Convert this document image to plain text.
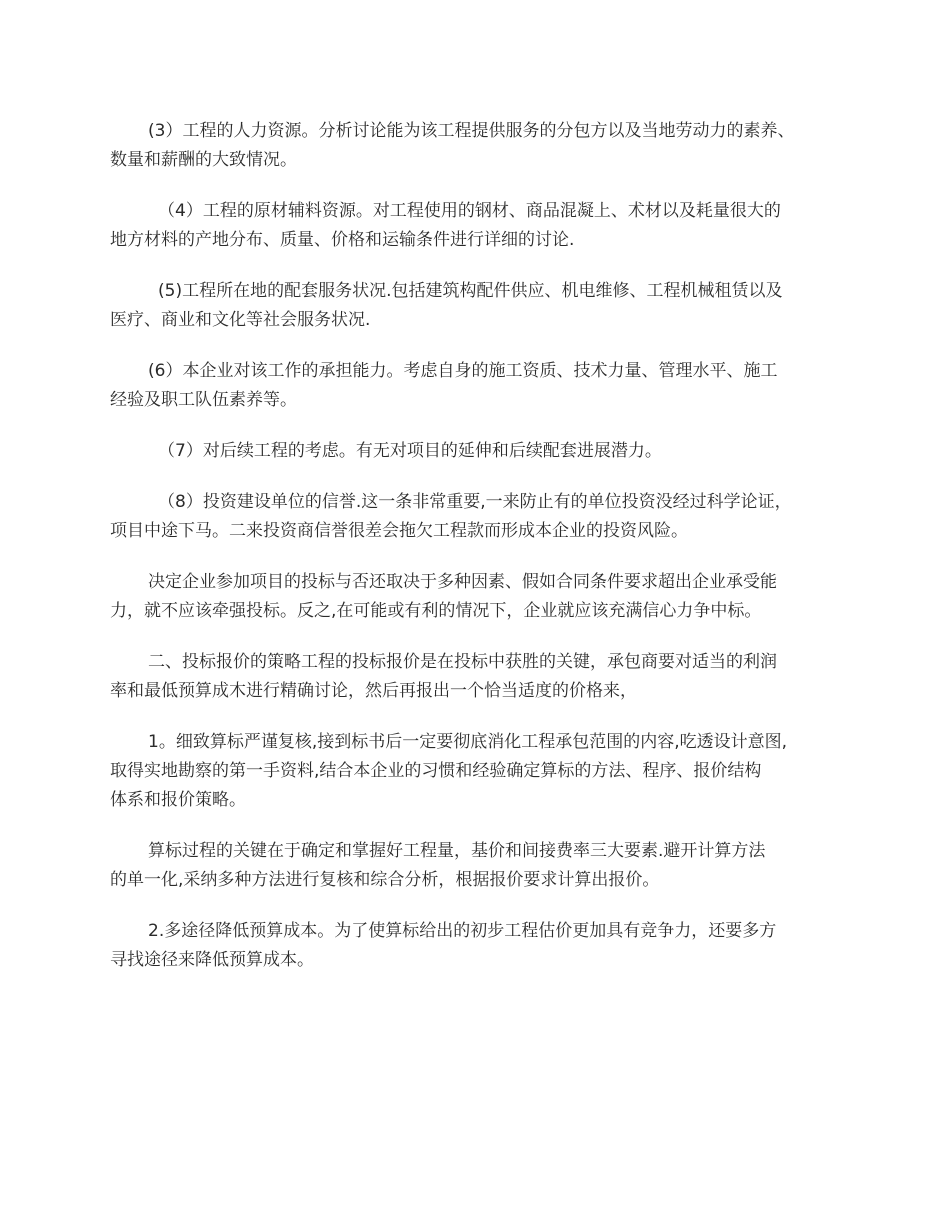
(3）工程的人力资源。分析讨论能为该工程提供服务的分包方以及当地劳动力的素养、
数量和薪酬的大致情况。

（4）工程的原材辅料资源。对工程使用的钢材、商品混凝上、术材以及耗量很大的
地方材料的产地分布、质量、价格和运输条件进行详细的讨论.

(5)工程所在地的配套服务状况.包括建筑构配件供应、机电维修、工程机械租赁以及
医疗、商业和文化等社会服务状况.

(6）本企业对该工作的承担能力。考虑自身的施工资质、技术力量、管理水平、施工
经验及职工队伍素养等。

（7）对后续工程的考虑。有无对项目的延伸和后续配套进展潜力。

（8）投资建设单位的信誉.这一条非常重要,一来防止有的单位投资没经过科学论证，
项目中途下马。二来投资商信誉很差会拖欠工程款而形成本企业的投资风险。

决定企业参加项目的投标与否还取决于多种因素、假如合同条件要求超出企业承受能
力，就不应该牵强投标。反之,在可能或有利的情况下，企业就应该充满信心力争中标。

二、投标报价的策略工程的投标报价是在投标中获胜的关键，承包商要对适当的利润
率和最低预算成木进行精确讨论，然后再报出一个恰当适度的价格来，

1。细致算标严谨复核,接到标书后一定要彻底消化工程承包范围的内容,吃透设计意图,
取得实地勘察的第一手资料,结合本企业的习惯和经验确定算标的方法、程序、报价结构
体系和报价策略。

算标过程的关键在于确定和掌握好工程量，基价和间接费率三大要素.避开计算方法
的单一化,采纳多种方法进行复核和综合分析，根据报价要求计算出报价。

2.多途径降低预算成本。为了使算标给出的初步工程估价更加具有竞争力，还要多方
寻找途径来降低预算成本。
